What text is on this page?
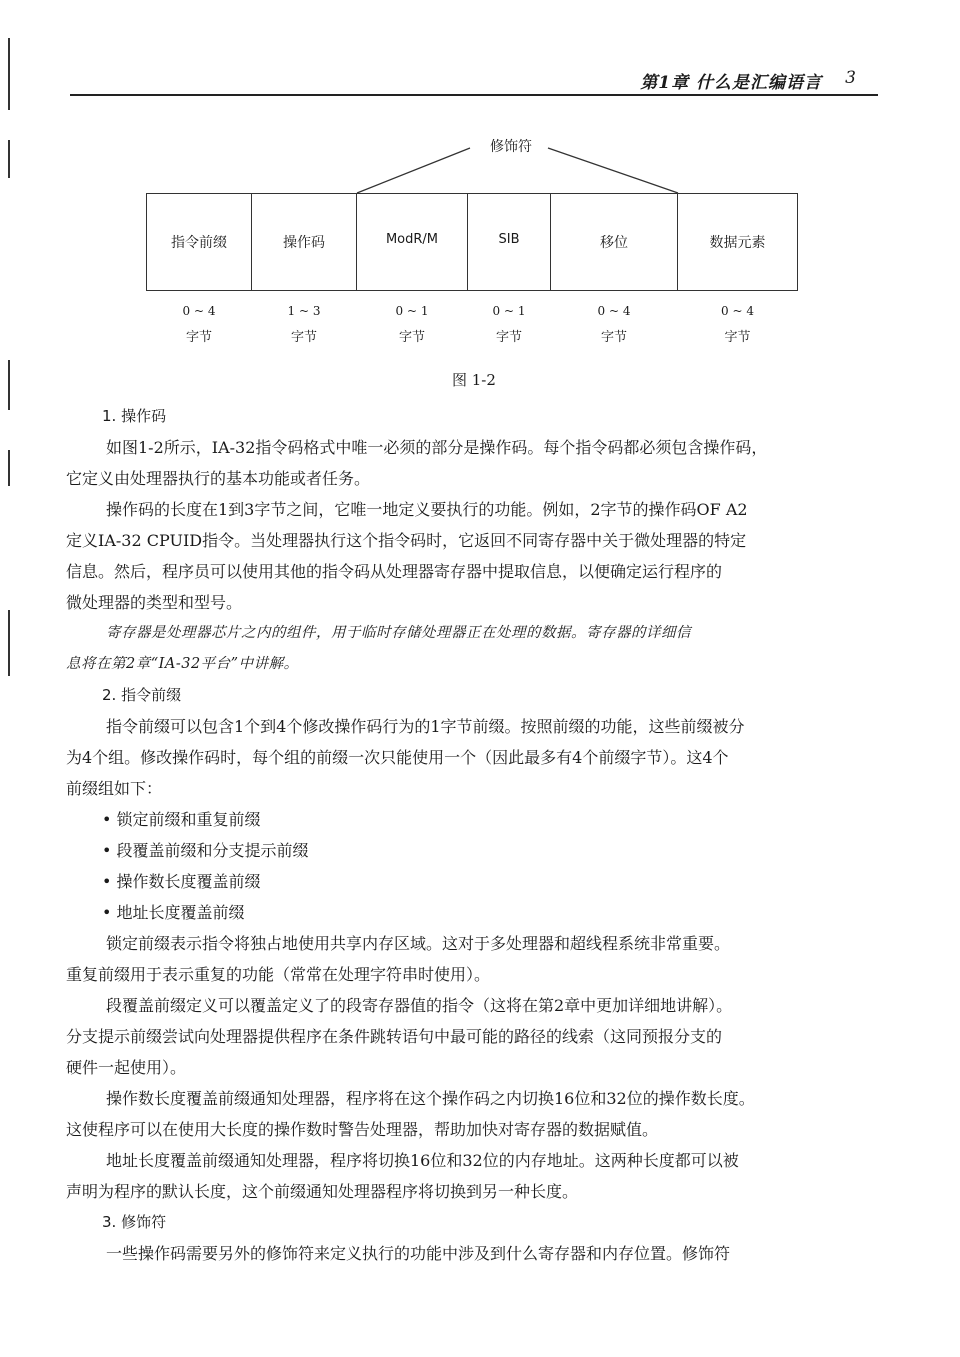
第1章 什么是汇编语言 3
修饰符
指令前缀	操作码	ModR/M	SIB	移位	数据元素
0 ~ 4	1 ~ 3	0 ~ 1	0 ~ 1	0 ~ 4	0 ~ 4
字节	字节	字节	字节	字节	字节
图 1-2
1. 操作码
如图1-2所示，IA-32指令码格式中唯一必须的部分是操作码。每个指令码都必须包含操作码，
它定义由处理器执行的基本功能或者任务。
操作码的长度在1到3字节之间，它唯一地定义要执行的功能。例如，2字节的操作码OF A2
定义IA-32 CPUID指令。当处理器执行这个指令码时，它返回不同寄存器中关于微处理器的特定
信息。然后，程序员可以使用其他的指令码从处理器寄存器中提取信息，以便确定运行程序的
微处理器的类型和型号。
寄存器是处理器芯片之内的组件，用于临时存储处理器正在处理的数据。寄存器的详细信
息将在第2章“IA-32平台”中讲解。
2. 指令前缀
指令前缀可以包含1个到4个修改操作码行为的1字节前缀。按照前缀的功能，这些前缀被分
为4个组。修改操作码时，每个组的前缀一次只能使用一个（因此最多有4个前缀字节）。这4个
前缀组如下：
• 锁定前缀和重复前缀
• 段覆盖前缀和分支提示前缀
• 操作数长度覆盖前缀
• 地址长度覆盖前缀
锁定前缀表示指令将独占地使用共享内存区域。这对于多处理器和超线程系统非常重要。
重复前缀用于表示重复的功能（常常在处理字符串时使用）。
段覆盖前缀定义可以覆盖定义了的段寄存器值的指令（这将在第2章中更加详细地讲解）。
分支提示前缀尝试向处理器提供程序在条件跳转语句中最可能的路径的线索（这同预报分支的
硬件一起使用）。
操作数长度覆盖前缀通知处理器，程序将在这个操作码之内切换16位和32位的操作数长度。
这使程序可以在使用大长度的操作数时警告处理器，帮助加快对寄存器的数据赋值。
地址长度覆盖前缀通知处理器，程序将切换16位和32位的内存地址。这两种长度都可以被
声明为程序的默认长度，这个前缀通知处理器程序将切换到另一种长度。
3. 修饰符
一些操作码需要另外的修饰符来定义执行的功能中涉及到什么寄存器和内存位置。修饰符
